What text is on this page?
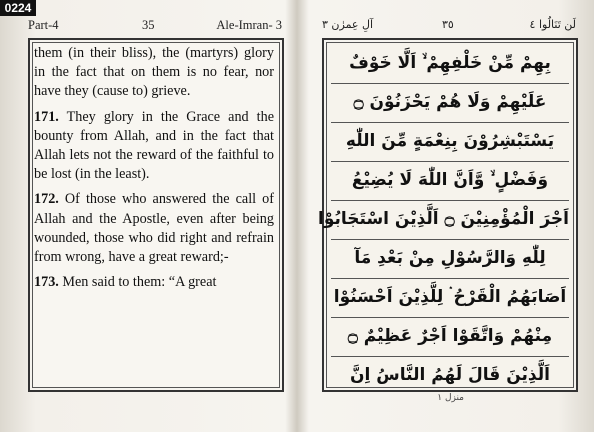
Part-4	35	Ale-Imran- 3

them (in their bliss), the (martyrs) glory in the fact that on them is no fear, nor have they (cause to) grieve.

171. They glory in the Grace and the bounty from Allah, and in the fact that Allah lets not the reward of the faithful to be lost (in the least).

172. Of those who answered the call of Allah and the Apostle, even after being wounded, those who did right and refrain from wrong, have a great reward;-

173. Men said to them: “A great

آلِ عِمرٰن ٣	٣٥	لَن تَنَالُوا ٤
بِهِمْ مِّنْ خَلْفِهِمْ ۙ اَلَّا خَوْفٌ
عَلَيْهِمْ وَلَا هُمْ يَحْزَنُوْنَ ۝
يَسْتَبْشِرُوْنَ بِنِعْمَةٍ مِّنَ اللّٰهِ
وَفَضْلٍ ۙ وَّاَنَّ اللّٰهَ لَا يُضِيْعُ
اَجْرَ الْمُؤْمِنِيْنَ ۝ اَلَّذِيْنَ اسْتَجَابُوْا
لِلّٰهِ وَالرَّسُوْلِ مِنْ بَعْدِ مَآ
اَصَابَهُمُ الْقَرْحُ ۛ لِلَّذِيْنَ اَحْسَنُوْا
مِنْهُمْ وَاتَّقَوْا اَجْرٌ عَظِيْمٌ ۝
اَلَّذِيْنَ قَالَ لَهُمُ النَّاسُ اِنَّ
منزل ١
0224
